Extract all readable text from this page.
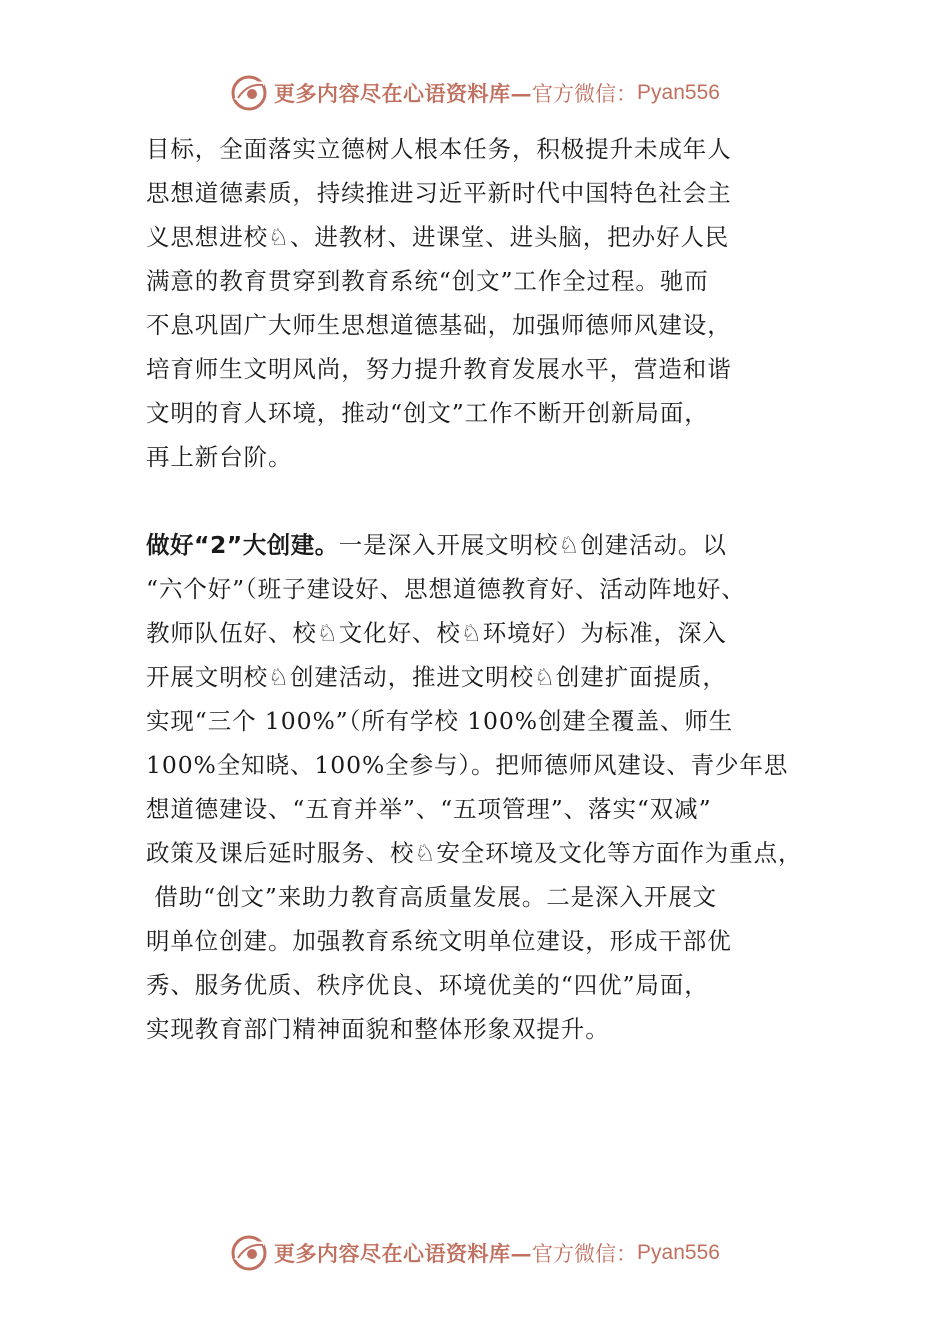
更多内容尽在心语资料库— 官方微信： Pyan556
目标，全面落实立德树人根本任务，积极提升未成年人
思想道德素质，持续推进习近平新时代中国特色社会主
义思想进校♘、进教材、进课堂、进头脑，把办好人民
满意的教育贯穿到教育系统“创文”工作全过程。驰而
不息巩固广大师生思想道德基础，加强师德师风建设，
培育师生文明风尚，努力提升教育发展水平，营造和谐
文明的育人环境，推动“创文”工作不断开创新局面，
再上新台阶。
做好“2”大创建。一是深入开展文明校♘创建活动。以
“六个好”（班子建设好、思想道德教育好、活动阵地好、
教师队伍好、校♘文化好、校♘环境好）为标准，深入
开展文明校♘创建活动，推进文明校♘创建扩面提质，
实现“三个 100%”（所有学校 100%创建全覆盖、师生
100%全知晓、100%全参与）。把师德师风建设、青少年思
想道德建设、“五育并举”、“五项管理”、落实“双减”
政策及课后延时服务、校♘安全环境及文化等方面作为重点，
借助“创文”来助力教育高质量发展。二是深入开展文
明单位创建。加强教育系统文明单位建设，形成干部优
秀、服务优质、秩序优良、环境优美的“四优”局面，
实现教育部门精神面貌和整体形象双提升。
更多内容尽在心语资料库— 官方微信： Pyan556
